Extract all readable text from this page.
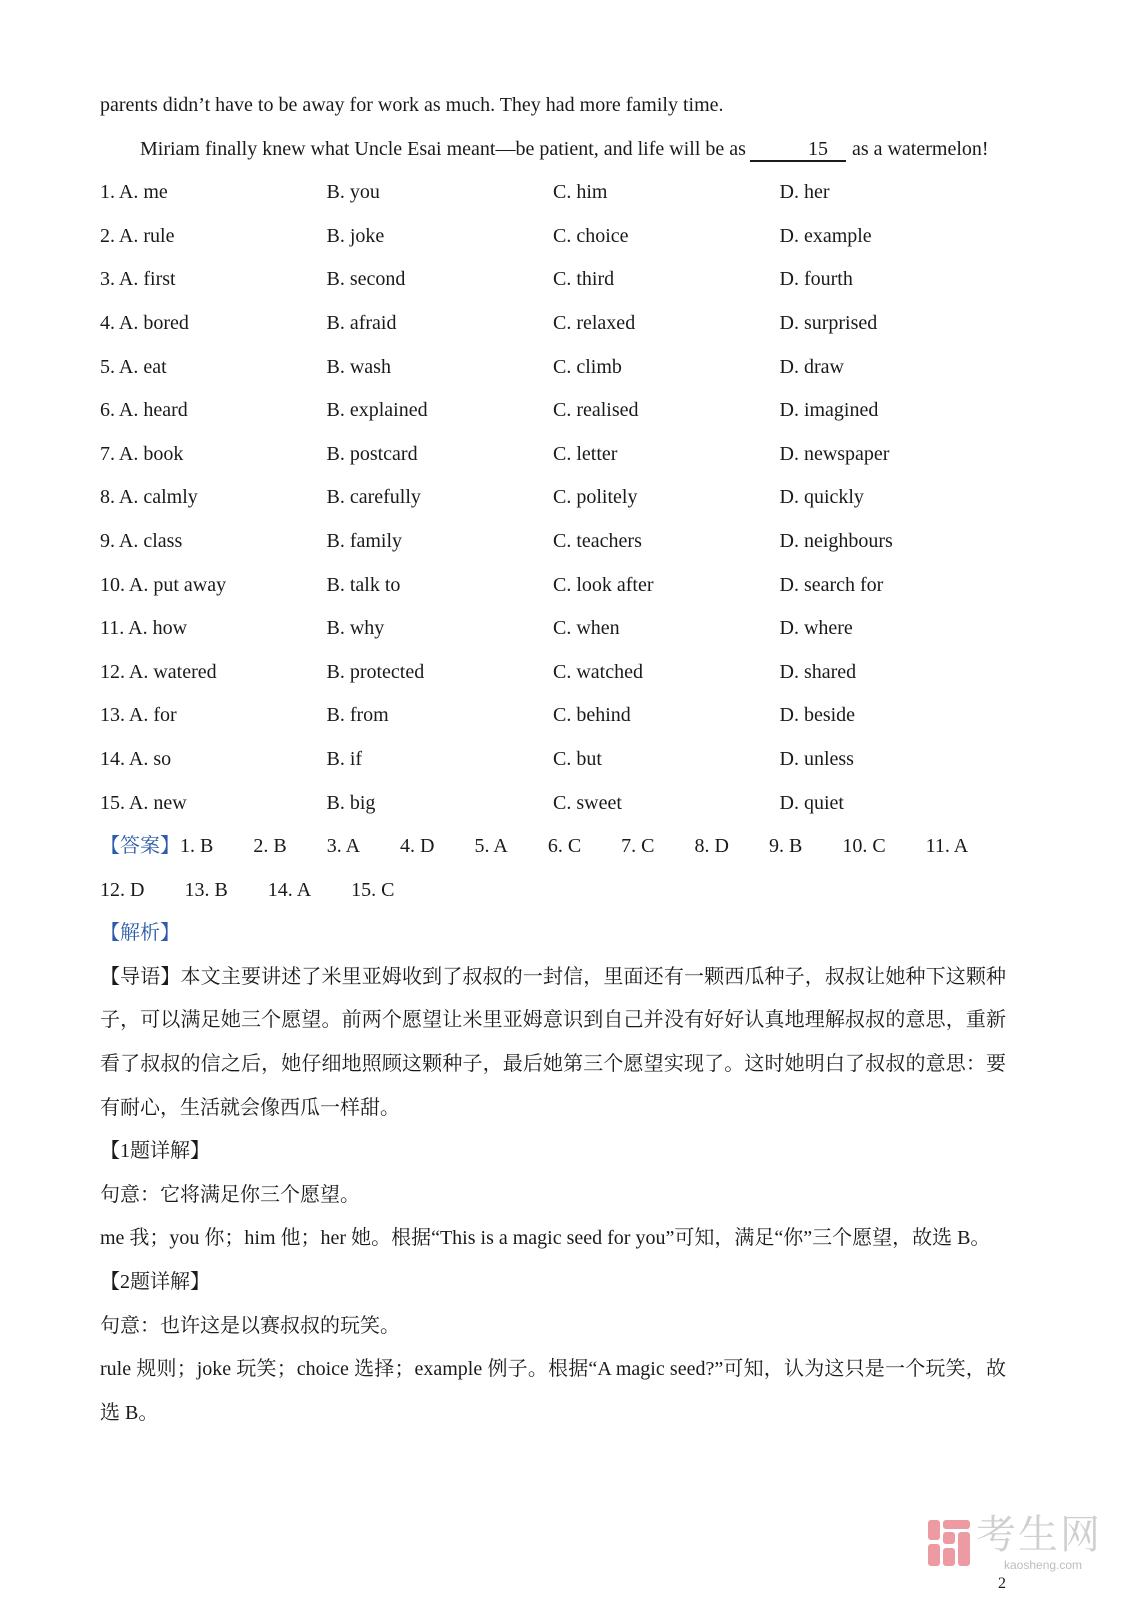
parents didn’t have to be away for work as much. They had more family time.
Miriam finally knew what Uncle Esai meant—be patient, and life will be as	15 as a watermelon!
1. A. me	B. you	C. him	D. her
2. A. rule	B. joke	C. choice	D. example
3. A. first	B. second	C. third	D. fourth
4. A. bored	B. afraid	C. relaxed	D. surprised
5. A. eat	B. wash	C. climb	D. draw
6. A. heard	B. explained	C. realised	D. imagined
7. A. book	B. postcard	C. letter	D. newspaper
8. A. calmly	B. carefully	C. politely	D. quickly
9. A. class	B. family	C. teachers	D. neighbours
10. A. put away	B. talk to	C. look after	D. search for
11. A. how	B. why	C. when	D. where
12. A. watered	B. protected	C. watched	D. shared
13. A. for	B. from	C. behind	D. beside
14. A. so	B. if	C. but	D. unless
15. A. new	B. big	C. sweet	D. quiet
【答案】1. B 2. B 3. A 4. D 5. A 6. C 7. C 8. D 9. B 10. C 11. A 12. D 13. B 14. A 15. C
【解析】
【导语】本文主要讲述了米里亚姆收到了叔叔的一封信，里面还有一颗西瓜种子，叔叔让她种下这颗种子，可以满足她三个愿望。前两个愿望让米里亚姆意识到自己并没有好好认真地理解叔叔的意思，重新看了叔叔的信之后，她仔细地照顾这颗种子，最后她第三个愿望实现了。这时她明白了叔叔的意思：要有耐心，生活就会像西瓜一样甜。
【1题详解】
句意：它将满足你三个愿望。
me 我；you 你；him 他；her 她。根据“This is a magic seed for you”可知，满足“你”三个愿望，故选 B。
【2题详解】
句意：也许这是以赛叔叔的玩笑。
rule 规则；joke 玩笑；choice 选择；example 例子。根据“A magic seed?”可知，认为这只是一个玩笑，故选 B。
考生网
kaosheng.com
2
